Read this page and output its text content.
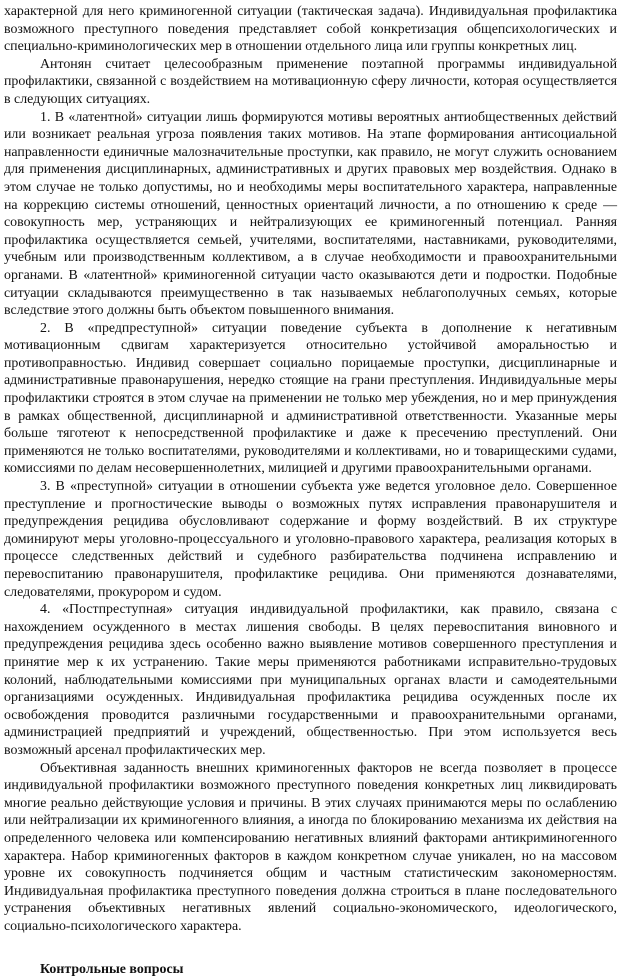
характерной для него криминогенной ситуации (тактическая задача). Индивидуальная профилактика возможного преступного поведения представляет собой конкретизация общепсихологических и специально-криминологических мер в отношении отдельного лица или группы конкретных лиц.

Антонян считает целесообразным применение поэтапной программы индивидуальной профилактики, связанной с воздействием на мотивационную сферу личности, которая осуществляется в следующих ситуациях.

1. В «латентной» ситуации лишь формируются мотивы вероятных антиобщественных действий или возникает реальная угроза появления таких мотивов. На этапе формирования антисоциальной направленности единичные малозначительные проступки, как правило, не могут служить основанием для применения дисциплинарных, административных и других правовых мер воздействия. Однако в этом случае не только допустимы, но и необходимы меры воспитательного характера, направленные на коррекцию системы отношений, ценностных ориентаций личности, а по отношению к среде — совокупность мер, устраняющих и нейтрализующих ее криминогенный потенциал. Ранняя профилактика осуществляется семьей, учителями, воспитателями, наставниками, руководителями, учебным или производственным коллективом, а в случае необходимости и правоохранительными органами. В «латентной» криминогенной ситуации часто оказываются дети и подростки. Подобные ситуации складываются преимущественно в так называемых неблагополучных семьях, которые вследствие этого должны быть объектом повышенного внимания.

2. В «предпреступной» ситуации поведение субъекта в дополнение к негативным мотивационным сдвигам характеризуется относительно устойчивой аморальностью и противоправностью. Индивид совершает социально порицаемые проступки, дисциплинарные и административные правонарушения, нередко стоящие на грани преступления. Индивидуальные меры профилактики строятся в этом случае на применении не только мер убеждения, но и мер принуждения в рамках общественной, дисциплинарной и административной ответственности. Указанные меры больше тяготеют к непосредственной профилактике и даже к пресечению преступлений. Они применяются не только воспитателями, руководителями и коллективами, но и товарищескими судами, комиссиями по делам несовершеннолетних, милицией и другими правоохранительными органами.

3. В «преступной» ситуации в отношении субъекта уже ведется уголовное дело. Совершенное преступление и прогностические выводы о возможных путях исправления правонарушителя и предупреждения рецидива обусловливают содержание и форму воздействий. В их структуре доминируют меры уголовно-процессуального и уголовно-правового характера, реализация которых в процессе следственных действий и судебного разбирательства подчинена исправлению и перевоспитанию правонарушителя, профилактике рецидива. Они применяются дознавателями, следователями, прокурором и судом.

4. «Постпреступная» ситуация индивидуальной профилактики, как правило, связана с нахождением осужденного в местах лишения свободы. В целях перевоспитания виновного и предупреждения рецидива здесь особенно важно выявление мотивов совершенного преступления и принятие мер к их устранению. Такие меры применяются работниками исправительно-трудовых колоний, наблюдательными комиссиями при муниципальных органах власти и самодеятельными организациями осужденных. Индивидуальная профилактика рецидива осужденных после их освобождения проводится различными государственными и правоохранительными органами, администрацией предприятий и учреждений, общественностью. При этом используется весь возможный арсенал профилактических мер.

Объективная заданность внешних криминогенных факторов не всегда позволяет в процессе индивидуальной профилактики возможного преступного поведения конкретных лиц ликвидировать многие реально действующие условия и причины. В этих случаях принимаются меры по ослаблению или нейтрализации их криминогенного влияния, а иногда по блокированию механизма их действия на определенного человека или компенсированию негативных влияний факторами антикриминогенного характера. Набор криминогенных факторов в каждом конкретном случае уникален, но на массовом уровне их совокупность подчиняется общим и частным статистическим закономерностям. Индивидуальная профилактика преступного поведения должна строиться в плане последовательного устранения объективных негативных явлений социально-экономического, идеологического, социально-психологического характера.

Контрольные вопросы
